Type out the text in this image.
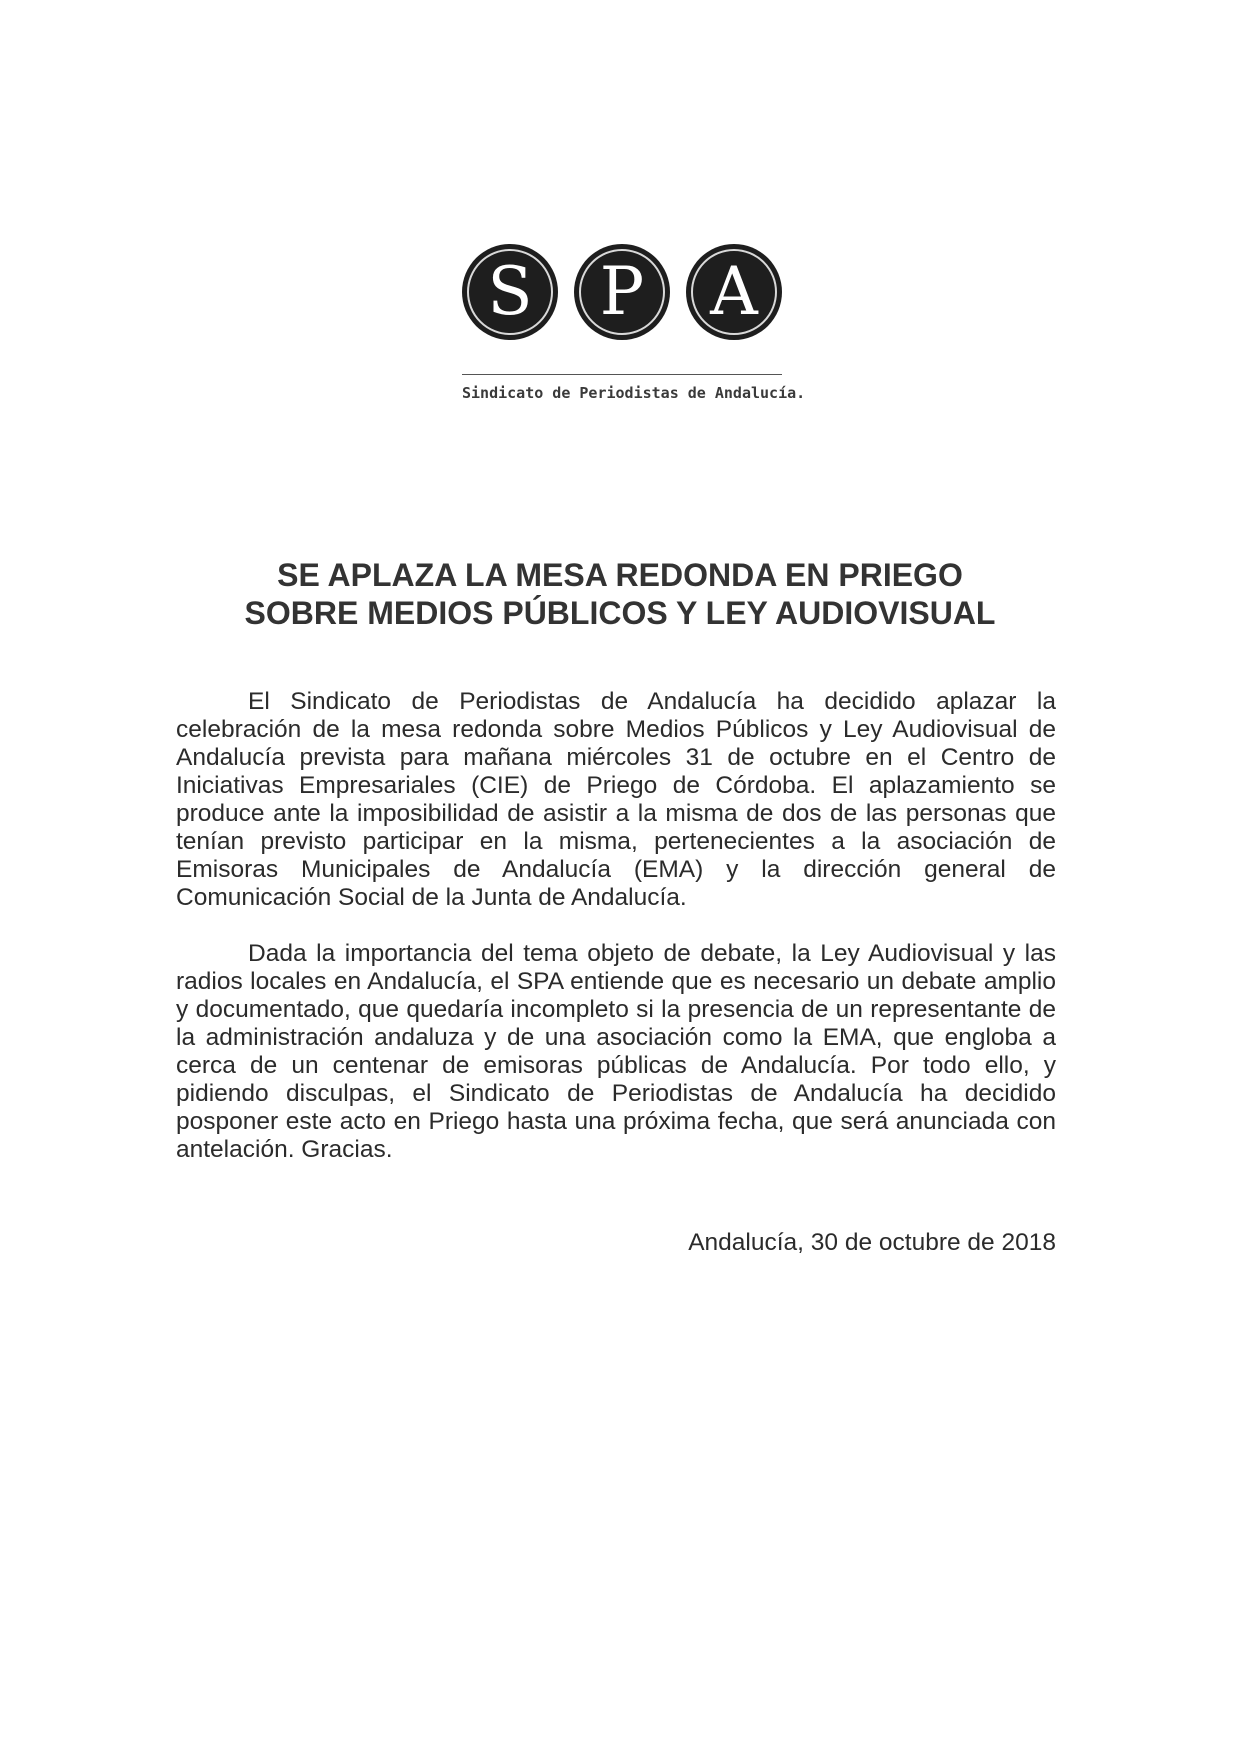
S P A
Sindicato de Periodistas de Andalucía.
SE APLAZA LA MESA REDONDA EN PRIEGO
SOBRE MEDIOS PÚBLICOS Y LEY AUDIOVISUAL

El Sindicato de Periodistas de Andalucía ha decidido aplazar la celebración de la mesa redonda sobre Medios Públicos y Ley Audiovisual de Andalucía prevista para mañana miércoles 31 de octubre en el Centro de Iniciativas Empresariales (CIE) de Priego de Córdoba. El aplazamiento se produce ante la imposibilidad de asistir a la misma de dos de las personas que tenían previsto participar en la misma, pertenecientes a la asociación de Emisoras Municipales de Andalucía (EMA) y la dirección general de Comunicación Social de la Junta de Andalucía.

Dada la importancia del tema objeto de debate, la Ley Audiovisual y las radios locales en Andalucía, el SPA entiende que es necesario un debate amplio y documentado, que quedaría incompleto si la presencia de un representante de la administración andaluza y de una asociación como la EMA, que engloba a cerca de un centenar de emisoras públicas de Andalucía. Por todo ello, y pidiendo disculpas, el Sindicato de Periodistas de Andalucía ha decidido posponer este acto en Priego hasta una próxima fecha, que será anunciada con antelación. Gracias.

Andalucía, 30 de octubre de 2018
